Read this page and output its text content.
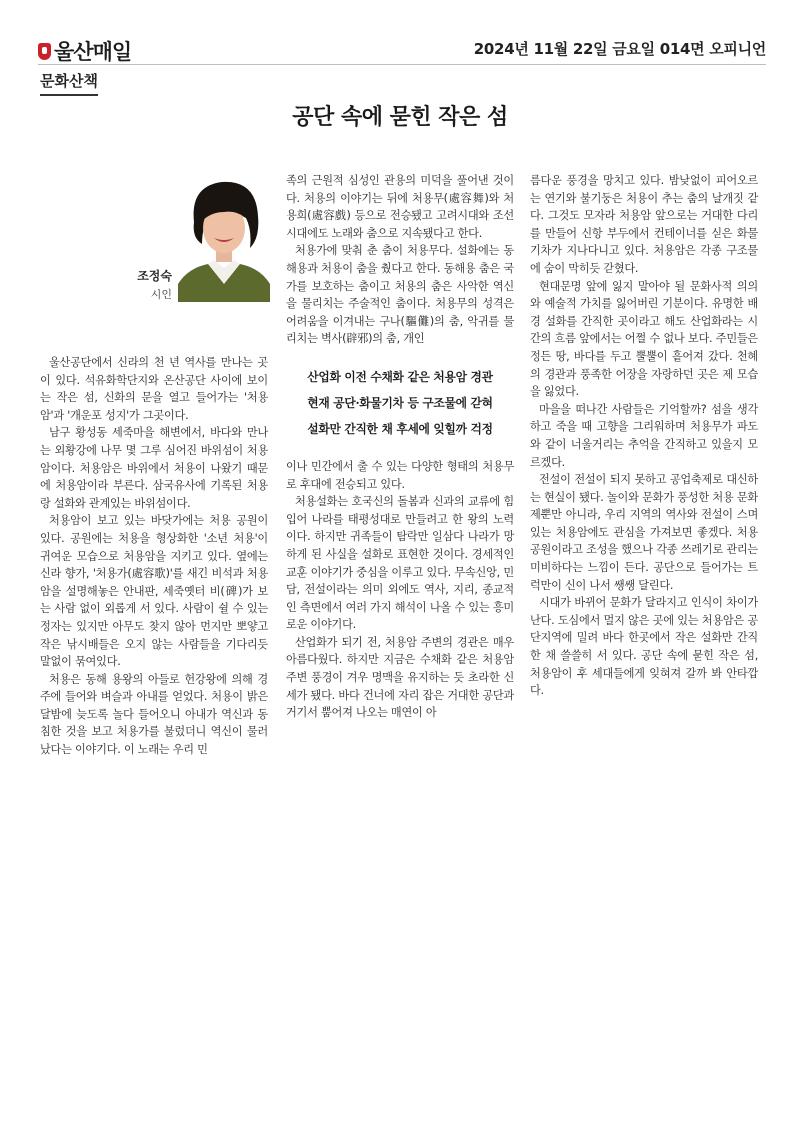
울산매일	2024년 11월 22일 금요일 014면 오피니언
문화산책
공단 속에 묻힌 작은 섬
조정숙
시인

울산공단에서 신라의 천 년 역사를 만나는 곳이 있다. 석유화학단지와 온산공단 사이에 보이는 작은 섬, 신화의 문을 열고 들어가는 '처용암'과 '개운포 성지'가 그곳이다.

남구 황성동 세죽마을 해변에서, 바다와 만나는 외황강에 나무 몇 그루 심어진 바위섬이 처용암이다. 처용암은 바위에서 처용이 나왔기 때문에 처용암이라 부른다. 삼국유사에 기록된 처용랑 설화와 관계있는 바위섬이다.

처용암이 보고 있는 바닷가에는 처용 공원이 있다. 공원에는 처용을 형상화한 '소년 처용'이 귀여운 모습으로 처용암을 지키고 있다. 옆에는 신라 향가, '처용가(處容歌)'를 새긴 비석과 처용암을 설명해놓은 안내판, 세죽옛터 비(碑)가 보는 사람 없이 외롭게 서 있다. 사람이 쉴 수 있는 정자는 있지만 아무도 찾지 않아 먼지만 뽀얗고 작은 낚시배들은 오지 않는 사람들을 기다리듯 말없이 묶여있다.

처용은 동해 용왕의 아들로 헌강왕에 의해 경주에 들어와 벼슬과 아내를 얻었다. 처용이 밝은 달밤에 늦도록 놀다 들어오니 아내가 역신과 동침한 것을 보고 처용가를 불렀더니 역신이 물러났다는 이야기다. 이 노래는 우리 민

족의 근원적 심성인 관용의 미덕을 풀어낸 것이다. 처용의 이야기는 뒤에 처용무(處容舞)와 처용희(處容戲) 등으로 전승됐고 고려시대와 조선시대에도 노래와 춤으로 지속됐다고 한다.

처용가에 맞춰 춘 춤이 처용무다. 설화에는 동해용과 처용이 춤을 췄다고 한다. 동해용 춤은 국가를 보호하는 춤이고 처용의 춤은 사악한 역신을 물리치는 주술적인 춤이다. 처용무의 성격은 어려움을 이겨내는 구나(驅儺)의 춤, 악귀를 물리치는 벽사(辟邪)의 춤, 개인

산업화 이전 수채화 같은 처용암 경관
현재 공단·화물기차 등 구조물에 갇혀
설화만 간직한 채 후세에 잊힐까 걱정

이나 민간에서 출 수 있는 다양한 형태의 처용무로 후대에 전승되고 있다.

처용설화는 호국신의 돌봄과 신과의 교류에 힘입어 나라를 태평성대로 만들려고 한 왕의 노력이다. 하지만 귀족들이 탐락만 일삼다 나라가 망하게 된 사실을 설화로 표현한 것이다. 경세적인 교훈 이야기가 중심을 이루고 있다. 무속신앙, 민담, 전설이라는 의미 외에도 역사, 지리, 종교적인 측면에서 여러 가지 해석이 나올 수 있는 흥미로운 이야기다.

산업화가 되기 전, 처용암 주변의 경관은 매우 아름다웠다. 하지만 지금은 수채화 같은 처용암 주변 풍경이 겨우 명맥을 유지하는 듯 초라한 신세가 됐다. 바다 건너에 자리 잡은 거대한 공단과 거기서 뿜어져 나오는 매연이 아

름다운 풍경을 망치고 있다. 밤낮없이 피어오르는 연기와 불기둥은 처용이 추는 춤의 날개짓 같다. 그것도 모자라 처용암 앞으로는 거대한 다리를 만들어 신항 부두에서 컨테이너를 싣은 화물기차가 지나다니고 있다. 처용암은 각종 구조물에 숨이 막히듯 갇혔다.

현대문명 앞에 잃지 말아야 될 문화사적 의의와 예술적 가치를 잃어버린 기분이다. 유명한 배경 설화를 간직한 곳이라고 해도 산업화라는 시간의 흐름 앞에서는 어쩔 수 없나 보다. 주민들은 정든 땅, 바다를 두고 뿔뿔이 흩어져 갔다. 천혜의 경관과 풍족한 어장을 자랑하던 곳은 제 모습을 잃었다.

마을을 떠나간 사람들은 기억할까? 섬을 생각하고 죽을 때 고향을 그리워하며 처용무가 파도와 같이 너울거리는 추억을 간직하고 있을지 모르겠다.

전설이 전설이 되지 못하고 공업축제로 대신하는 현실이 됐다. 놀이와 문화가 풍성한 처용 문화제뿐만 아니라, 우리 지역의 역사와 전설이 스며있는 처용암에도 관심을 가져보면 좋겠다. 처용공원이라고 조성을 했으나 각종 쓰레기로 관리는 미비하다는 느낌이 든다. 공단으로 들어가는 트럭만이 신이 나서 쌩쌩 달린다.

시대가 바뀌어 문화가 달라지고 인식이 차이가 난다. 도심에서 멀지 않은 곳에 있는 처용암은 공단지역에 밀려 바다 한곳에서 작은 설화만 간직한 채 쓸쓸히 서 있다. 공단 속에 묻힌 작은 섬, 처용암이 후 세대들에게 잊혀져 갈까 봐 안타깝다.
